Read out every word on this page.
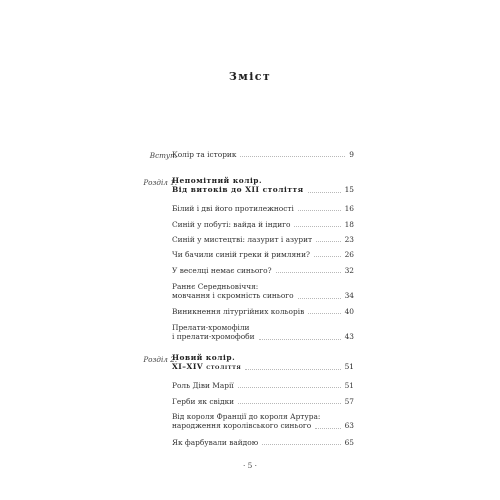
Зміст
Вступ.
Колір та історик	9
Розділ 1.
Непомітний колір.
Від витоків до XII століття	15
Білий і дві його протилежності	16
Синій у побуті: вайда й індиго	18
Синій у мистецтві: лазурит і азурит	23
Чи бачили синій греки й римляни?	26
У веселці немає синього?	32
Раннє Середньовіччя:
мовчання і скромність синього	34
Виникнення літургійних кольорів	40
Прелати-хромофіли
і прелати-хромофоби	43
Розділ 2.
Новий колір.
XI–XIV століття	51
Роль Діви Марії	51
Герби як свідки	57
Від короля Франції до короля Артура:
народження королівського синього	63
Як фарбували вайдою	65
· 5 ·
